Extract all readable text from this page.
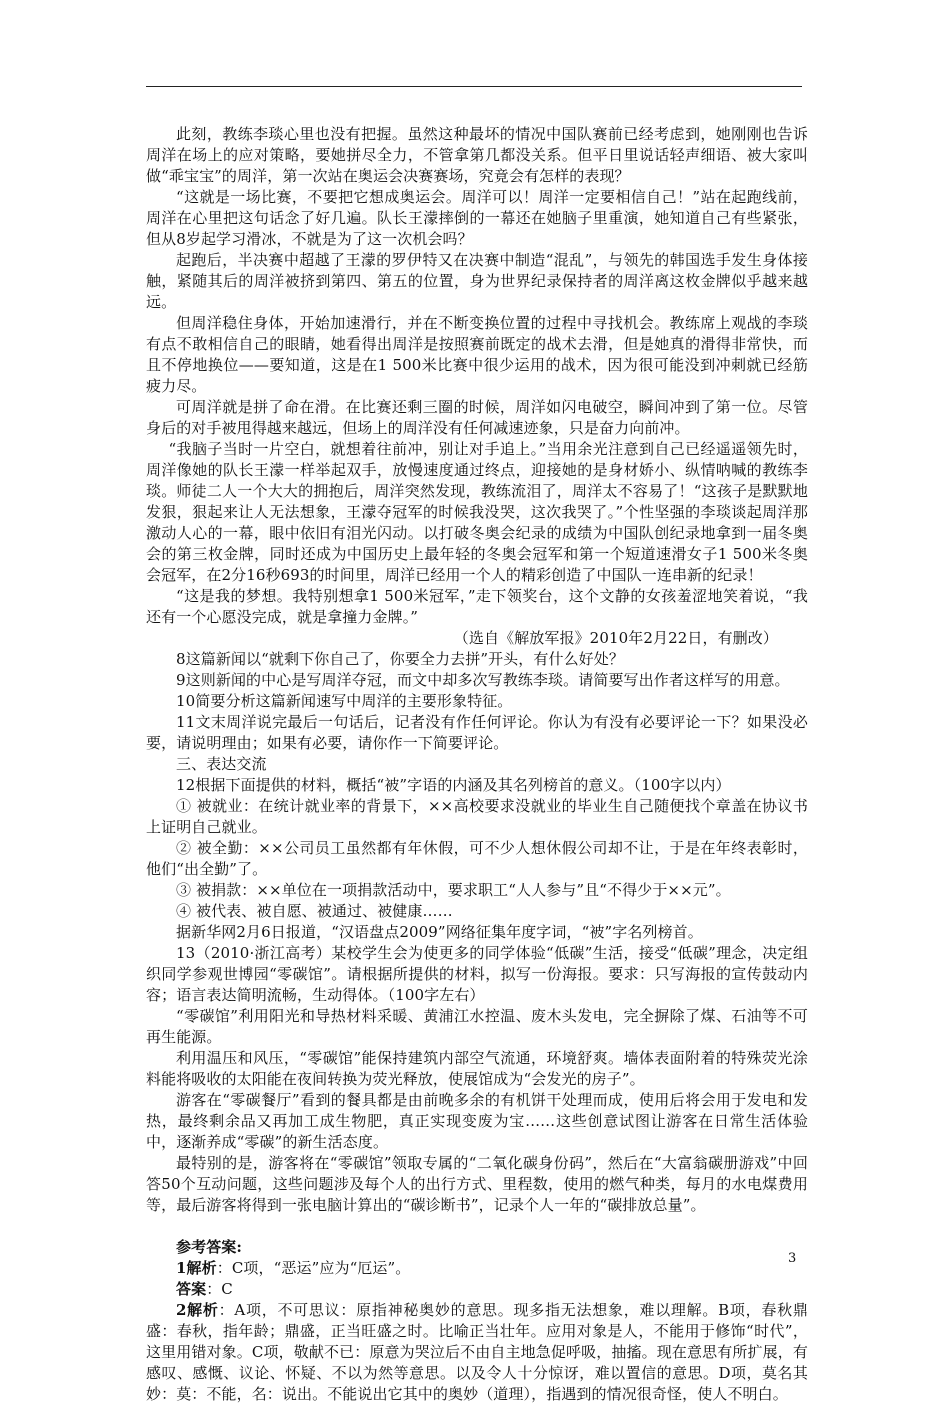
此刻，教练李琰心里也没有把握。虽然这种最坏的情况中国队赛前已经考虑到，她刚刚也告诉周洋在场上的应对策略，要她拼尽全力，不管拿第几都没关系。但平日里说话轻声细语、被大家叫做“乖宝宝”的周洋，第一次站在奥运会决赛赛场，究竟会有怎样的表现？

“这就是一场比赛，不要把它想成奥运会。周洋可以！周洋一定要相信自己！”站在起跑线前，周洋在心里把这句话念了好几遍。队长王濛摔倒的一幕还在她脑子里重演，她知道自己有些紧张，但从8岁起学习滑冰，不就是为了这一次机会吗？

起跑后，半决赛中超越了王濛的罗伊特又在决赛中制造“混乱”，与领先的韩国选手发生身体接触，紧随其后的周洋被挤到第四、第五的位置，身为世界纪录保持者的周洋离这枚金牌似乎越来越远。

但周洋稳住身体，开始加速滑行，并在不断变换位置的过程中寻找机会。教练席上观战的李琰有点不敢相信自己的眼睛，她看得出周洋是按照赛前既定的战术去滑，但是她真的滑得非常快，而且不停地换位——要知道，这是在1 500米比赛中很少运用的战术，因为很可能没到冲刺就已经筋疲力尽。

可周洋就是拼了命在滑。在比赛还剩三圈的时候，周洋如闪电破空，瞬间冲到了第一位。尽管身后的对手被甩得越来越远，但场上的周洋没有任何减速迹象，只是奋力向前冲。

“我脑子当时一片空白，就想着往前冲，别让对手追上。”当用余光注意到自己已经遥遥领先时，周洋像她的队长王濛一样举起双手，放慢速度通过终点，迎接她的是身材娇小、纵情呐喊的教练李琰。师徒二人一个大大的拥抱后，周洋突然发现，教练流泪了，周洋太不容易了！“这孩子是默默地发狠，狠起来让人无法想象，王濛夺冠军的时候我没哭，这次我哭了。”个性坚强的李琰谈起周洋那激动人心的一幕，眼中依旧有泪光闪动。以打破冬奥会纪录的成绩为中国队创纪录地拿到一届冬奥会的第三枚金牌，同时还成为中国历史上最年轻的冬奥会冠军和第一个短道速滑女子1 500米冬奥会冠军，在2分16秒693的时间里，周洋已经用一个人的精彩创造了中国队一连串新的纪录！

“这是我的梦想。我特别想拿1 500米冠军，”走下领奖台，这个文静的女孩羞涩地笑着说，“我还有一个心愿没完成，就是拿撞力金牌。”

（选自《解放军报》2010年2月22日，有删改）

8这篇新闻以“就剩下你自己了，你要全力去拼”开头，有什么好处？

9这则新闻的中心是写周洋夺冠，而文中却多次写教练李琰。请简要写出作者这样写的用意。

10简要分析这篇新闻速写中周洋的主要形象特征。

11文末周洋说完最后一句话后，记者没有作任何评论。你认为有没有必要评论一下？如果没必要，请说明理由；如果有必要，请你作一下简要评论。

三、表达交流

12根据下面提供的材料，概括“被”字语的内涵及其名列榜首的意义。（100字以内）

① 被就业：在统计就业率的背景下，××高校要求没就业的毕业生自己随便找个章盖在协议书上证明自己就业。

② 被全勤：××公司员工虽然都有年休假，可不少人想休假公司却不让，于是在年终表彰时，他们“出全勤”了。

③ 被捐款：××单位在一项捐款活动中，要求职工“人人参与”且“不得少于××元”。

④ 被代表、被自愿、被通过、被健康……

据新华网2月6日报道，“汉语盘点2009”网络征集年度字词，“被”字名列榜首。

13（2010·浙江高考）某校学生会为使更多的同学体验“低碳”生活，接受“低碳”理念，决定组织同学参观世博园“零碳馆”。请根据所提供的材料，拟写一份海报。要求：只写海报的宣传鼓动内容；语言表达简明流畅，生动得体。（100字左右）

“零碳馆”利用阳光和导热材料采暖、黄浦江水控温、废木头发电，完全摒除了煤、石油等不可再生能源。

利用温压和风压，“零碳馆”能保持建筑内部空气流通，环境舒爽。墙体表面附着的特殊荧光涂料能将吸收的太阳能在夜间转换为荧光释放，使展馆成为“会发光的房子”。

游客在“零碳餐厅”看到的餐具都是由前晚多余的有机饼干处理而成，使用后将会用于发电和发热，最终剩余品又再加工成生物肥，真正实现变废为宝……这些创意试图让游客在日常生活体验中，逐渐养成“零碳”的新生活态度。

最特别的是，游客将在“零碳馆”领取专属的“二氧化碳身份码”，然后在“大富翁碳册游戏”中回答50个互动问题，这些问题涉及每个人的出行方式、里程数，使用的燃气种类，每月的水电煤费用等，最后游客将得到一张电脑计算出的“碳诊断书”，记录个人一年的“碳排放总量”。

参考答案:

1解析：C项，“恶运”应为“厄运”。

答案：C

2解析：A项，不可思议：原指神秘奥妙的意思。现多指无法想象，难以理解。B项，春秋鼎盛：春秋，指年龄；鼎盛，正当旺盛之时。比喻正当壮年。应用对象是人，不能用于修饰“时代”，这里用错对象。C项，敬献不已：原意为哭泣后不由自主地急促呼吸，抽搐。现在意思有所扩展，有感叹、感慨、议论、怀疑、不以为然等意思。以及令人十分惊讶，难以置信的意思。D项，莫名其妙：莫：不能，名：说出。不能说出它其中的奥妙（道理），指遇到的情况很奇怪，使人不明白。

3
